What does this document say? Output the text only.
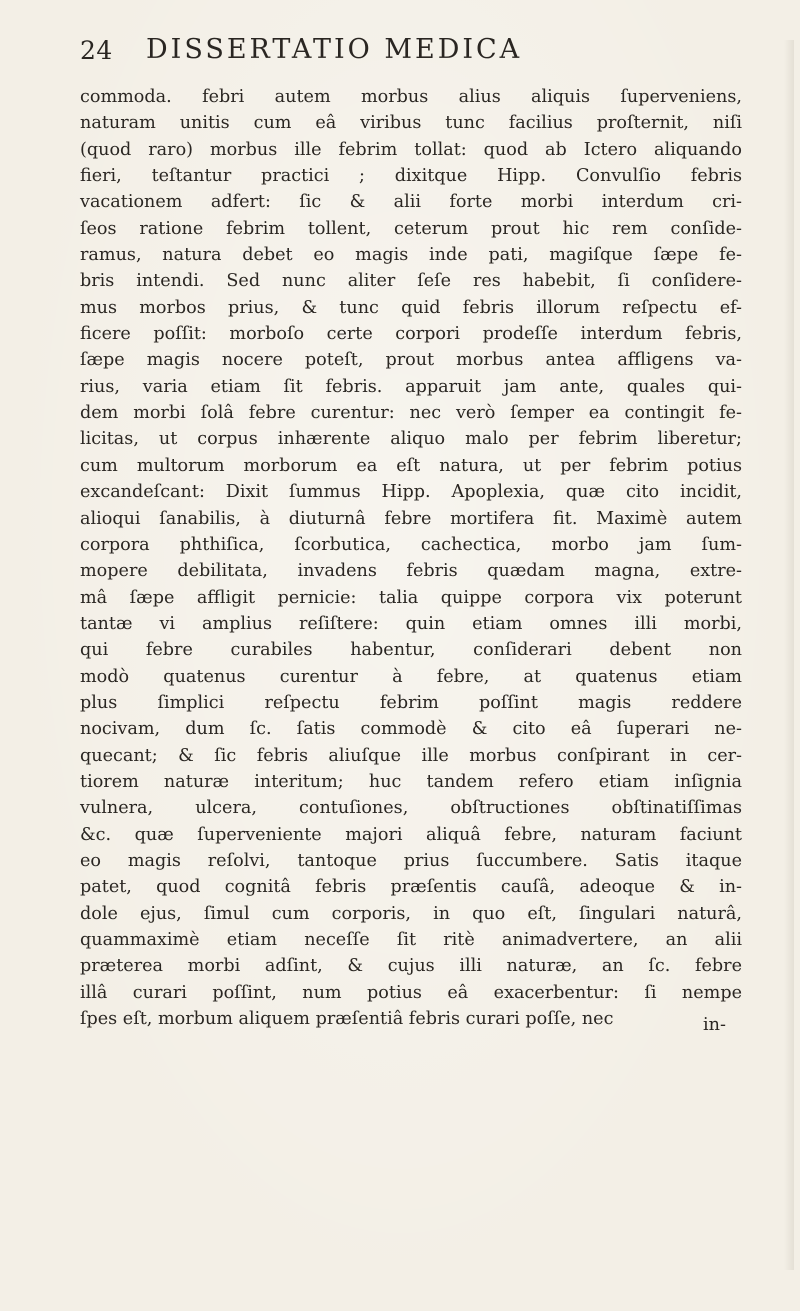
24 DISSERTATIO MEDICA
commoda. febri autem morbus alius aliquis ſuperveniens,
naturam unitis cum eâ viribus tunc facilius proſternit, niſi
(quod raro) morbus ille febrim tollat: quod ab Ictero aliquando
fieri, teſtantur practici ; dixitque Hipp. Convulſio febris
vacationem adfert: ſic & alii forte morbi interdum cri-
ſeos ratione febrim tollent, ceterum prout hic rem conſide-
ramus, natura debet eo magis inde pati, magiſque ſæpe fe-
bris intendi. Sed nunc aliter ſeſe res habebit, ſi conſidere-
mus morbos prius, & tunc quid febris illorum reſpectu ef-
ficere poſſit: morboſo certe corpori prodeſſe interdum febris,
ſæpe magis nocere poteſt, prout morbus antea affligens va-
rius, varia etiam ſit febris. apparuit jam ante, quales qui-
dem morbi ſolâ febre curentur: nec verò ſemper ea contingit fe-
licitas, ut corpus inhærente aliquo malo per febrim liberetur;
cum multorum morborum ea eſt natura, ut per febrim potius
excandeſcant: Dixit ſummus Hipp. Apoplexia, quæ cito incidit,
alioqui ſanabilis, à diuturnâ febre mortifera fit. Maximè autem
corpora phthiſica, ſcorbutica, cachectica, morbo jam ſum-
mopere debilitata, invadens febris quædam magna, extre-
mâ ſæpe affligit pernicie: talia quippe corpora vix poterunt
tantæ vi amplius reſiſtere: quin etiam omnes illi morbi,
qui febre curabiles habentur, conſiderari debent non
modò quatenus curentur à febre, at quatenus etiam
plus ſimplici reſpectu febrim poſſint magis reddere
nocivam, dum ſc. ſatis commodè & cito eâ ſuperari ne-
quecant; & ſic febris aliuſque ille morbus conſpirant in cer-
tiorem naturæ interitum; huc tandem refero etiam inſignia
vulnera, ulcera, contuſiones, obſtructiones obſtinatiſſimas
&c. quæ ſuperveniente majori aliquâ febre, naturam faciunt
eo magis reſolvi, tantoque prius ſuccumbere. Satis itaque
patet, quod cognitâ febris præſentis cauſâ, adeoque & in-
dole ejus, ſimul cum corporis, in quo eſt, ſingulari naturâ,
quammaximè etiam neceſſe ſit ritè animadvertere, an alii
præterea morbi adſint, & cujus illi naturæ, an ſc. febre
illâ curari poſſint, num potius eâ exacerbentur: ſi nempe
ſpes eſt, morbum aliquem præſentiâ febris curari poſſe, nec	in-
